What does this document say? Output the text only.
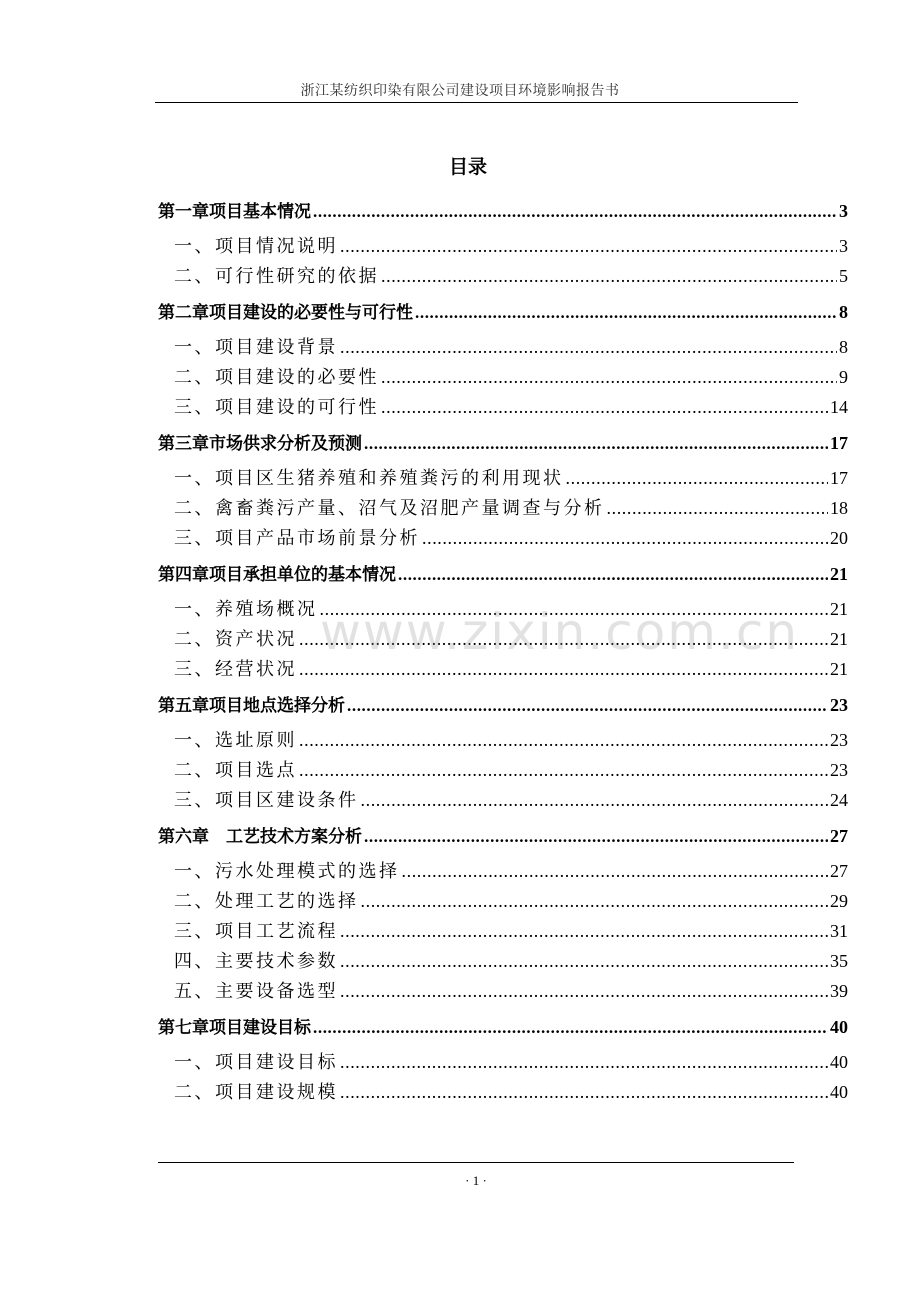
浙江某纺织印染有限公司建设项目环境影响报告书
目录
第一章项目基本情况 .....	3
一、项目情况说明 .....	3
二、可行性研究的依据 .....	5
第二章项目建设的必要性与可行性 .....	8
一、项目建设背景 .....	8
二、项目建设的必要性 .....	9
三、项目建设的可行性 .....	14
第三章市场供求分析及预测 .....	17
一、项目区生猪养殖和养殖粪污的利用现状 .....	17
二、禽畜粪污产量、沼气及沼肥产量调查与分析 .....	18
三、项目产品市场前景分析 .....	20
第四章项目承担单位的基本情况 .....	21
一、养殖场概况 .....	21
二、资产状况 .....	21
三、经营状况 .....	21
第五章项目地点选择分析 .....	23
一、选址原则 .....	23
二、项目选点 .....	23
三、项目区建设条件 .....	24
第六章　工艺技术方案分析 .....	27
一、污水处理模式的选择 .....	27
二、处理工艺的选择 .....	29
三、项目工艺流程 .....	31
四、主要技术参数 .....	35
五、主要设备选型 .....	39
第七章项目建设目标 .....	40
一、项目建设目标 .....	40
二、项目建设规模 .....	40
www.zixin.com.cn
· 1 ·
